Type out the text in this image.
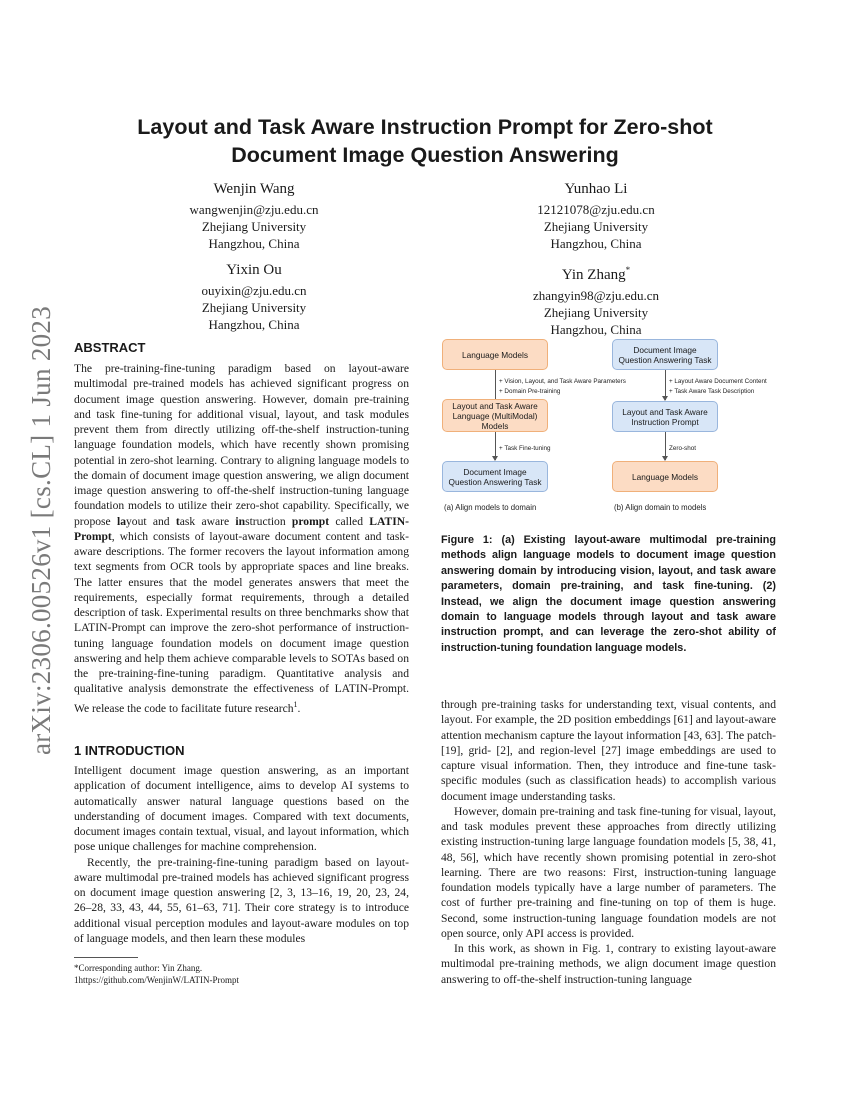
arXiv:2306.00526v1 [cs.CL] 1 Jun 2023
Layout and Task Aware Instruction Prompt for Zero-shot
Document Image Question Answering
Wenjin Wang
wangwenjin@zju.edu.cn
Zhejiang University
Hangzhou, China
Yunhao Li
12121078@zju.edu.cn
Zhejiang University
Hangzhou, China
Yixin Ou
ouyixin@zju.edu.cn
Zhejiang University
Hangzhou, China
Yin Zhang*
zhangyin98@zju.edu.cn
Zhejiang University
Hangzhou, China
ABSTRACT

The pre-training-fine-tuning paradigm based on layout-aware multimodal pre-trained models has achieved significant progress on document image question answering. However, domain pre-training and task fine-tuning for additional visual, layout, and task modules prevent them from directly utilizing off-the-shelf instruction-tuning language foundation models, which have recently shown promising potential in zero-shot learning. Contrary to aligning language models to the domain of document image question answering, we align document image question answering to off-the-shelf instruction-tuning language foundation models to utilize their zero-shot capability. Specifically, we propose layout and task aware instruction prompt called LATIN-Prompt, which consists of layout-aware document content and task-aware descriptions. The former recovers the layout information among text segments from OCR tools by appropriate spaces and line breaks. The latter ensures that the model generates answers that meet the requirements, especially format requirements, through a detailed description of task. Experimental results on three benchmarks show that LATIN-Prompt can improve the zero-shot performance of instruction-tuning language foundation models on document image question answering and help them achieve comparable levels to SOTAs based on the pre-training-fine-tuning paradigm. Quantitative analysis and qualitative analysis demonstrate the effectiveness of LATIN-Prompt. We release the code to facilitate future research$^1$.

1 INTRODUCTION

Intelligent document image question answering, as an important application of document intelligence, aims to develop AI systems to automatically answer natural language questions based on the understanding of document images. Compared with text documents, document images contain textual, visual, and layout information, which pose unique challenges for machine comprehension.

Recently, the pre-training-fine-tuning paradigm based on layout-aware multimodal pre-trained models has achieved significant progress on document image question answering [2, 3, 13–16, 19, 20, 23, 24, 26–28, 33, 43, 44, 55, 61–63, 71]. Their core strategy is to introduce additional visual perception modules and layout-aware modules on top of language models, and then learn these modules

*Corresponding author: Yin Zhang.
1https://github.com/WenjinW/LATIN-Prompt
Language Models
+ Vision, Layout, and Task Aware Parameters
+ Domain Pre-training
Layout and Task Aware Language (MultiModal) Models
+ Task Fine-tuning
Document Image Question Answering Task
(a) Align models to domain
Document Image Question Answering Task
+ Layout Aware Document Content
+ Task Aware Task Description
Layout and Task Aware Instruction Prompt
Zero-shot
Language Models
(b) Align domain to models
Figure 1: (a) Existing layout-aware multimodal pre-training methods align language models to document image question answering domain by introducing vision, layout, and task aware parameters, domain pre-training, and task fine-tuning. (2) Instead, we align the document image question answering domain to language models through layout and task aware instruction prompt, and can leverage the zero-shot ability of instruction-tuning foundation language models.

through pre-training tasks for understanding text, visual contents, and layout. For example, the 2D position embeddings [61] and layout-aware attention mechanism capture the layout information [43, 63]. The patch- [19], grid- [2], and region-level [27] image embeddings are used to capture visual information. Then, they introduce and fine-tune task-specific modules (such as classification heads) to accomplish various document image understanding tasks.

However, domain pre-training and task fine-tuning for visual, layout, and task modules prevent these approaches from directly utilizing existing instruction-tuning large language foundation models [5, 38, 41, 48, 56], which have recently shown promising potential in zero-shot learning. There are two reasons: First, instruction-tuning language foundation models typically have a large number of parameters. The cost of further pre-training and fine-tuning on top of them is huge. Second, some instruction-tuning language foundation models are not open source, only API access is provided.

In this work, as shown in Fig. 1, contrary to existing layout-aware multimodal pre-training methods, we align document image question answering to off-the-shelf instruction-tuning language
